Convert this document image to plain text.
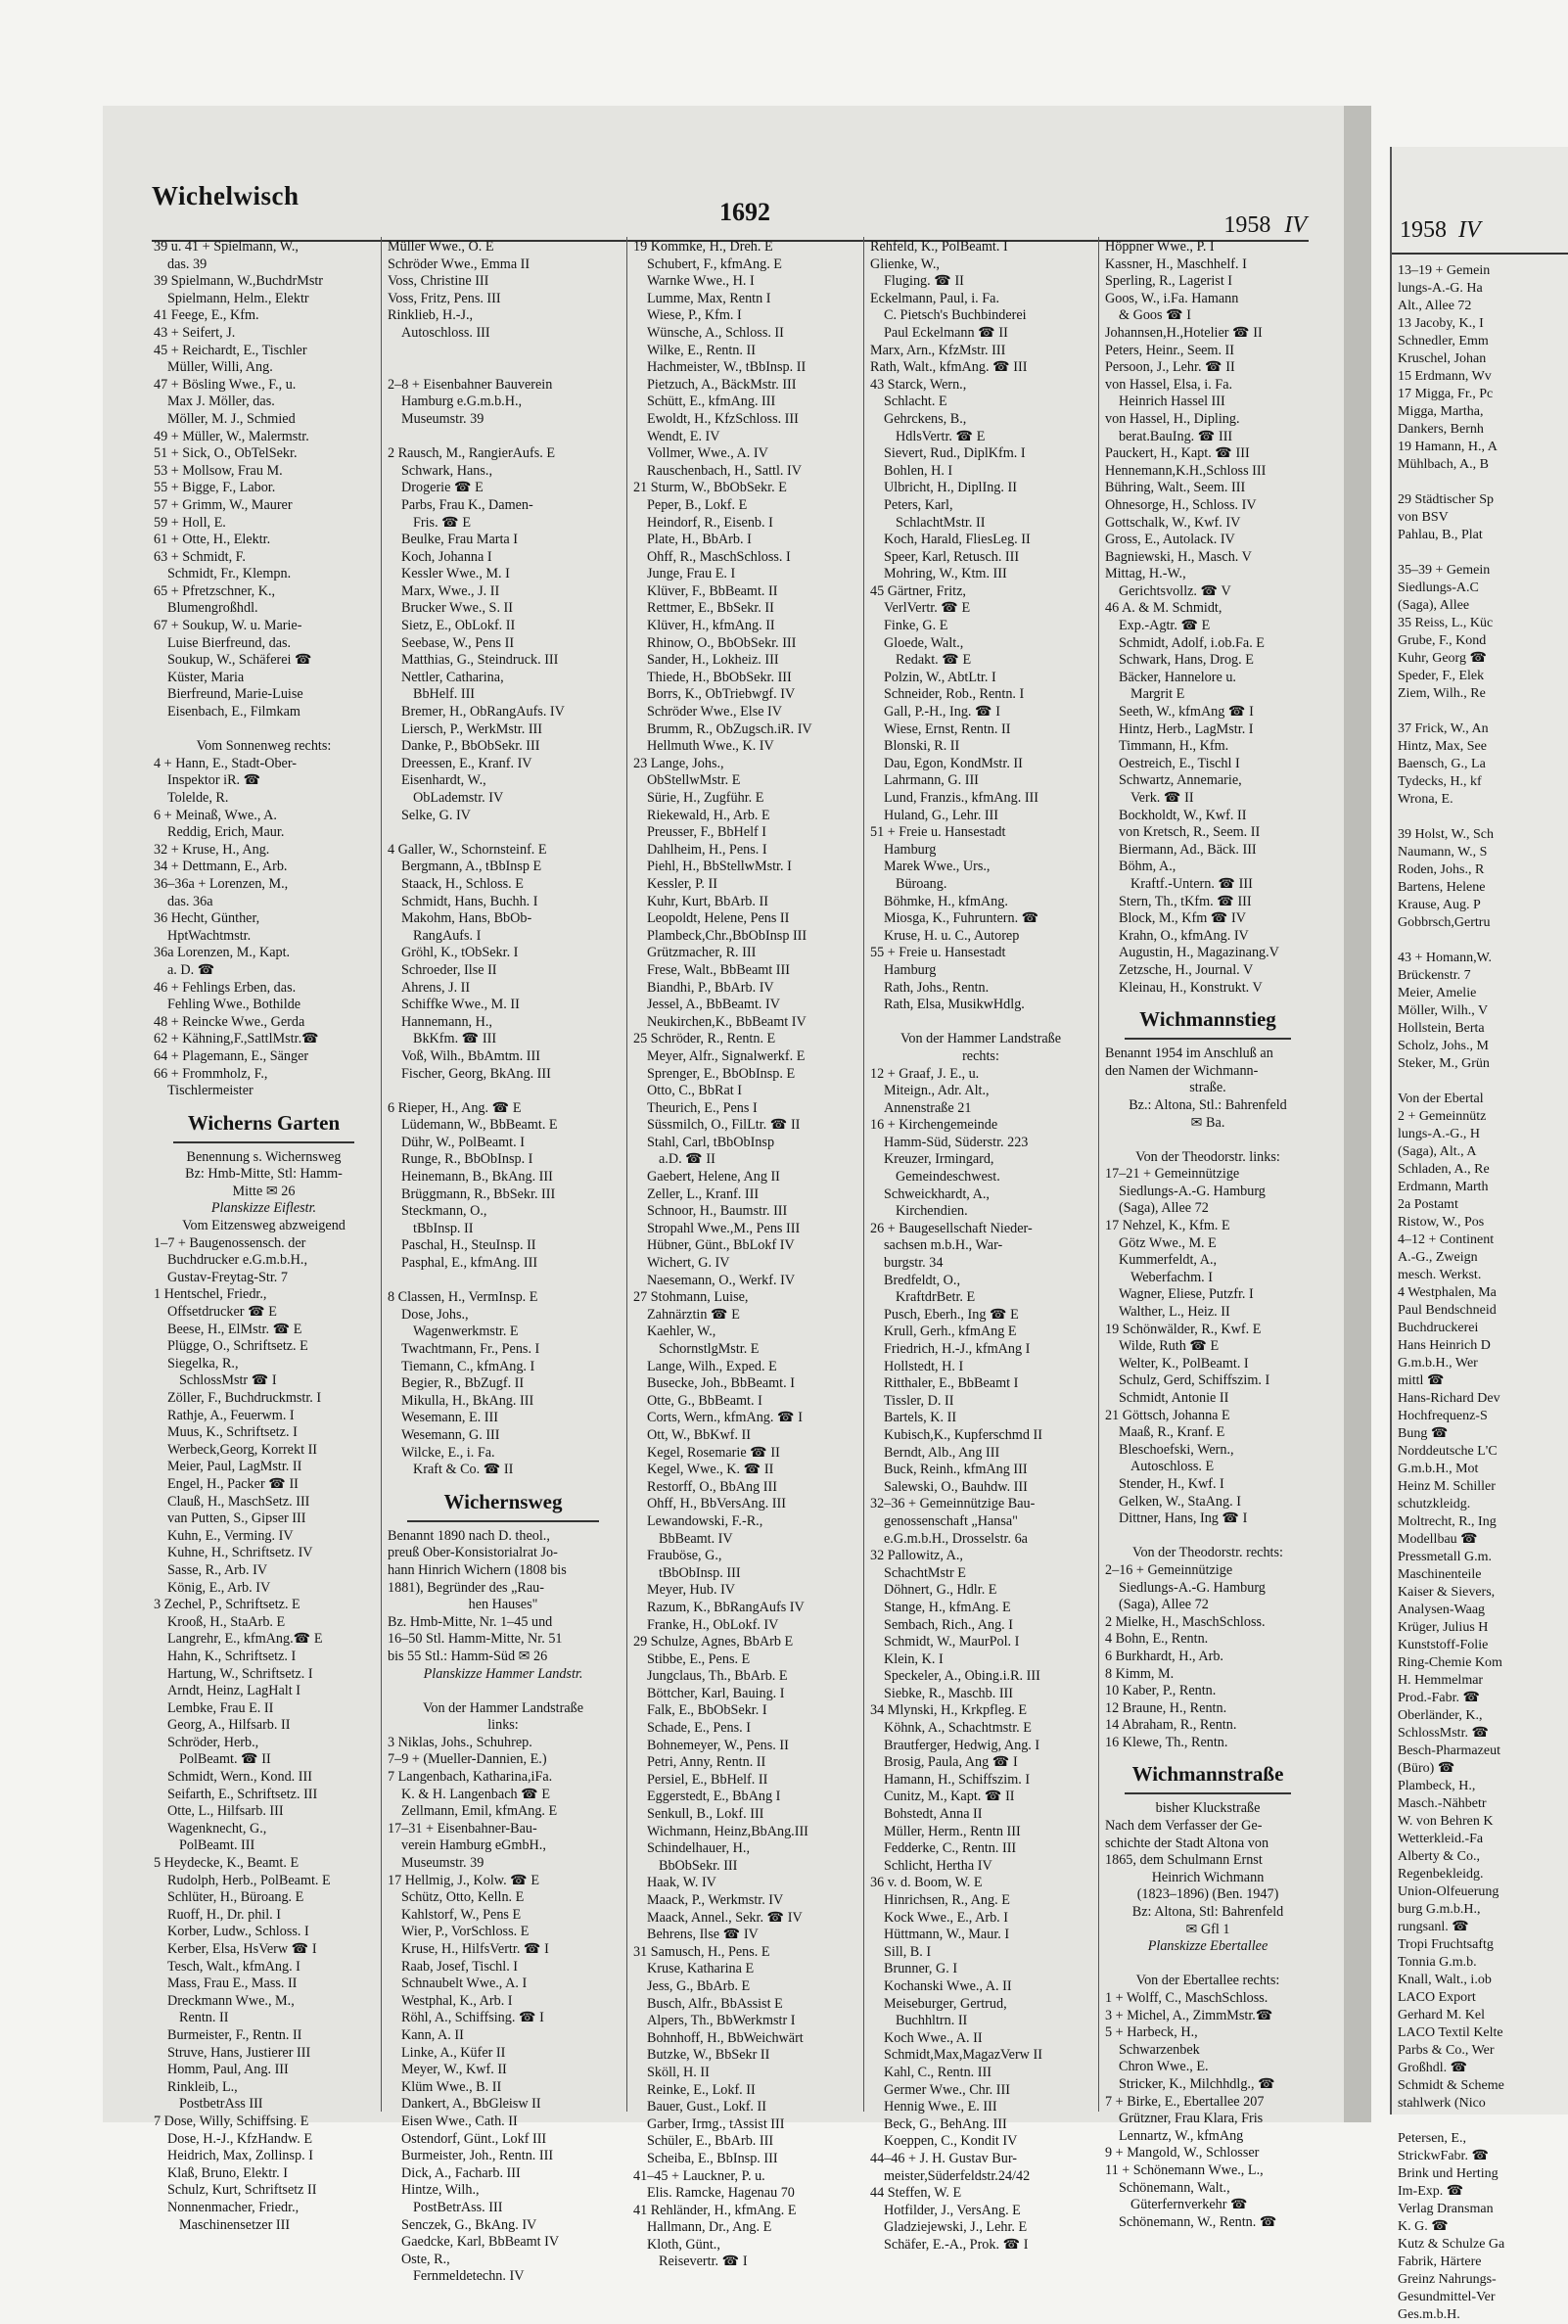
1958 IV
13–19 + Gemein
lungs-A.-G. Ha
Alt., Allee 72
13 Jacoby, K., I
Schnedler, Emm
Kruschel, Johan
15 Erdmann, Wv
17 Migga, Fr., Pc
Migga, Martha,
Dankers, Bernh
19 Hamann, H., A
Mühlbach, A., B

29 Städtischer Sp
von BSV
Pahlau, B., Plat

35–39 + Gemein
Siedlungs-A.C
(Saga), Allee
35 Reiss, L., Küc
Grube, F., Kond
Kuhr, Georg ☎
Speder, F., Elek
Ziem, Wilh., Re

37 Frick, W., An
Hintz, Max, See
Baensch, G., La
Tydecks, H., kf
Wrona, E.

39 Holst, W., Sch
Naumann, W., S
Roden, Johs., R
Bartens, Helene
Krause, Aug. P
Gobbrsch,Gertru

43 + Homann,W.
Brückenstr. 7
Meier, Amelie
Möller, Wilh., V
Hollstein, Berta
Scholz, Johs., M
Steker, M., Grün

Von der Ebertal
2 + Gemeinnütz
lungs-A.-G., H
(Saga), Alt., A
Schladen, A., Re
Erdmann, Marth
2a Postamt
Ristow, W., Pos
4–12 + Continent
A.-G., Zweign
mesch. Werkst.
4 Westphalen, Ma
Paul Bendschneid
Buchdruckerei
Hans Heinrich D
G.m.b.H., Wer
mittl ☎
Hans-Richard Dev
Hochfrequenz-S
Bung ☎
Norddeutsche L'C
G.m.b.H., Mot
Heinz M. Schiller
schutzkleidg.
Moltrecht, R., Ing
Modellbau ☎
Pressmetall G.m.
Maschinenteile
Kaiser & Sievers,
Analysen-Waag
Krüger, Julius H
Kunststoff-Folie
Ring-Chemie Kom
H. Hemmelmar
Prod.-Fabr. ☎
Oberländer, K.,
SchlossMstr. ☎
Besch-Pharmazeut
(Büro) ☎
Plambeck, H.,
Masch.-Nähbetr
W. von Behren K
Wetterkleid.-Fa
Alberty & Co.,
Regenbekleidg.
Union-Olfeuerung
burg G.m.b.H.,
rungsanl. ☎
Tropi Fruchtsaftg
Tonnia G.m.b.
Knall, Walt., i.ob
LACO Export
Gerhard M. Kel
LACO Textil Kelte
Parbs & Co., Wer
Großhdl. ☎
Schmidt & Scheme
stahlwerk (Nico

Petersen, E.,
StrickwFabr. ☎
Brink und Herting
Im-Exp. ☎
Verlag Dransman
K. G. ☎
Kutz & Schulze Ga
Fabrik, Härtere
Greinz Nahrungs-
Gesundmittel-Ver
Ges.m.b.H.
Wichelwisch
1692	1958 IV
39 u. 41 + Spielmann, W.,
das. 39
39 Spielmann, W.,BuchdrMstr
Spielmann, Helm., Elektr
41 Feege, E., Kfm.
43 + Seifert, J.
45 + Reichardt, E., Tischler
Müller, Willi, Ang.
47 + Bösling Wwe., F., u.
Max J. Möller, das.
Möller, M. J., Schmied
49 + Müller, W., Malermstr.
51 + Sick, O., ObTelSekr.
53 + Mollsow, Frau M.
55 + Bigge, F., Labor.
57 + Grimm, W., Maurer
59 + Holl, E.
61 + Otte, H., Elektr.
63 + Schmidt, F.
Schmidt, Fr., Klempn.
65 + Pfretzschner, K.,
Blumengroßhdl.
67 + Soukup, W. u. Marie-
Luise Bierfreund, das.
Soukup, W., Schäferei ☎
Küster, Maria
Bierfreund, Marie-Luise
Eisenbach, E., Filmkam

Vom Sonnenweg rechts:
4 + Hann, E., Stadt-Ober-
Inspektor iR. ☎
Tolelde, R.
6 + Meinaß, Wwe., A.
Reddig, Erich, Maur.
32 + Kruse, H., Ang.
34 + Dettmann, E., Arb.
36–36a + Lorenzen, M.,
das. 36a
36 Hecht, Günther,
HptWachtmstr.
36a Lorenzen, M., Kapt.
a. D. ☎
46 + Fehlings Erben, das.
Fehling Wwe., Bothilde
48 + Reincke Wwe., Gerda
62 + Kähning,F.,SattlMstr.☎
64 + Plagemann, E., Sänger
66 + Frommholz, F.,
Tischlermeister
Wicherns Garten
Benennung s. Wichernsweg
Bz: Hmb-Mitte, Stl: Hamm-
Mitte ✉ 26
Planskizze Eiflestr.
Vom Eitzensweg abzweigend
1–7 + Baugenossensch. der
Buchdrucker e.G.m.b.H.,
Gustav-Freytag-Str. 7
1 Hentschel, Friedr.,
Offsetdrucker ☎ E
Beese, H., ElMstr. ☎ E
Plügge, O., Schriftsetz. E
Siegelka, R.,
SchlossMstr ☎ I
Zöller, F., Buchdruckmstr. I
Rathje, A., Feuerwm. I
Muus, K., Schriftsetz. I
Werbeck,Georg, Korrekt II
Meier, Paul, LagMstr. II
Engel, H., Packer ☎ II
Clauß, H., MaschSetz. III
van Putten, S., Gipser III
Kuhn, E., Verming. IV
Kuhne, H., Schriftsetz. IV
Sasse, R., Arb. IV
König, E., Arb. IV
3 Zechel, P., Schriftsetz. E
Krooß, H., StaArb. E
Langrehr, E., kfmAng.☎ E
Hahn, K., Schriftsetz. I
Hartung, W., Schriftsetz. I
Arndt, Heinz, LagHalt I
Lembke, Frau E. II
Georg, A., Hilfsarb. II
Schröder, Herb.,
PolBeamt. ☎ II
Schmidt, Wern., Kond. III
Seifarth, E., Schriftsetz. III
Otte, L., Hilfsarb. III
Wagenknecht, G.,
PolBeamt. III
5 Heydecke, K., Beamt. E
Rudolph, Herb., PolBeamt. E
Schlüter, H., Büroang. E
Ruoff, H., Dr. phil. I
Korber, Ludw., Schloss. I
Kerber, Elsa, HsVerw ☎ I
Tesch, Walt., kfmAng. I
Mass, Frau E., Mass. II
Dreckmann Wwe., M.,
Rentn. II
Burmeister, F., Rentn. II
Struve, Hans, Justierer III
Homm, Paul, Ang. III
Rinkleib, L.,
PostbetrAss III
7 Dose, Willy, Schiffsing. E
Dose, H.-J., KfzHandw. E
Heidrich, Max, Zollinsp. I
Klaß, Bruno, Elektr. I
Schulz, Kurt, Schriftsetz II
Nonnenmacher, Friedr.,
Maschinensetzer III
Müller Wwe., O. E
Schröder Wwe., Emma II
Voss, Christine III
Voss, Fritz, Pens. III
Rinklieb, H.-J.,
Autoschloss. III

2–8 + Eisenbahner Bauverein
Hamburg e.G.m.b.H.,
Museumstr. 39

2 Rausch, M., RangierAufs. E
Schwark, Hans.,
Drogerie ☎ E
Parbs, Frau K., Damen-
Fris. ☎ E
Beulke, Frau Marta I
Koch, Johanna I
Kessler Wwe., M. I
Marx, Wwe., J. II
Brucker Wwe., S. II
Sietz, E., ObLokf. II
Seebase, W., Pens II
Matthias, G., Steindruck. III
Nettler, Catharina,
BbHelf. III
Bremer, H., ObRangAufs. IV
Liersch, P., WerkMstr. III
Danke, P., BbObSekr. III
Dreessen, E., Kranf. IV
Eisenhardt, W.,
ObLademstr. IV
Selke, G. IV

4 Galler, W., Schornsteinf. E
Bergmann, A., tBbInsp E
Staack, H., Schloss. E
Schmidt, Hans, Buchh. I
Makohm, Hans, BbOb-
RangAufs. I
Gröhl, K., tObSekr. I
Schroeder, Ilse II
Ahrens, J. II
Schiffke Wwe., M. II
Hannemann, H.,
BkKfm. ☎ III
Voß, Wilh., BbAmtm. III
Fischer, Georg, BkAng. III

6 Rieper, H., Ang. ☎ E
Lüdemann, W., BbBeamt. E
Dühr, W., PolBeamt. I
Runge, R., BbObInsp. I
Heinemann, B., BkAng. III
Brüggmann, R., BbSekr. III
Steckmann, O.,
tBbInsp. II
Paschal, H., SteuInsp. II
Pasphal, E., kfmAng. III

8 Classen, H., VermInsp. E
Dose, Johs.,
Wagenwerkmstr. E
Twachtmann, Fr., Pens. I
Tiemann, C., kfmAng. I
Begier, R., BbZugf. II
Mikulla, H., BkAng. III
Wesemann, E. III
Wesemann, G. III
Wilcke, E., i. Fa.
Kraft & Co. ☎ II
Wichernsweg
Benannt 1890 nach D. theol.,
preuß Ober-Konsistorialrat Jo-
hann Hinrich Wichern (1808 bis
1881), Begründer des „Rau-
hen Hauses"
Bz. Hmb-Mitte, Nr. 1–45 und
16–50 Stl. Hamm-Mitte, Nr. 51
bis 55 Stl.: Hamm-Süd ✉ 26
Planskizze Hammer Landstr.

Von der Hammer Landstraße
links:
3 Niklas, Johs., Schuhrep.
7–9 + (Mueller-Dannien, E.)
7 Langenbach, Katharina,iFa.
K. & H. Langenbach ☎ E
Zellmann, Emil, kfmAng. E
17–31 + Eisenbahner-Bau-
verein Hamburg eGmbH.,
Museumstr. 39
17 Hellmig, J., Kolw. ☎ E
Schütz, Otto, Kelln. E
Kahlstorf, W., Pens E
Wier, P., VorSchloss. E
Kruse, H., HilfsVertr. ☎ I
Raab, Josef, Tischl. I
Schnaubelt Wwe., A. I
Westphal, K., Arb. I
Röhl, A., Schiffsing. ☎ I
Kann, A. II
Linke, A., Küfer II
Meyer, W., Kwf. II
Klüm Wwe., B. II
Dankert, A., BbGleisw II
Eisen Wwe., Cath. II
Ostendorf, Günt., Lokf III
Burmeister, Joh., Rentn. III
Dick, A., Facharb. III
Hintze, Wilh.,
PostBetrAss. III
Senczek, G., BkAng. IV
Gaedcke, Karl, BbBeamt IV
Oste, R.,
Fernmeldetechn. IV
19 Kommke, H., Dreh. E
Schubert, F., kfmAng. E
Warnke Wwe., H. I
Lumme, Max, Rentn I
Wiese, P., Kfm. I
Wünsche, A., Schloss. II
Wilke, E., Rentn. II
Hachmeister, W., tBbInsp. II
Pietzuch, A., BäckMstr. III
Schütt, E., kfmAng. III
Ewoldt, H., KfzSchloss. III
Wendt, E. IV
Vollmer, Wwe., A. IV
Rauschenbach, H., Sattl. IV
21 Sturm, W., BbObSekr. E
Peper, B., Lokf. E
Heindorf, R., Eisenb. I
Plate, H., BbArb. I
Ohff, R., MaschSchloss. I
Junge, Frau E. I
Klüver, F., BbBeamt. II
Rettmer, E., BbSekr. II
Klüver, H., kfmAng. II
Rhinow, O., BbObSekr. III
Sander, H., Lokheiz. III
Thiede, H., BbObSekr. III
Borrs, K., ObTriebwgf. IV
Schröder Wwe., Else IV
Brumm, R., ObZugsch.iR. IV
Hellmuth Wwe., K. IV
23 Lange, Johs.,
ObStellwMstr. E
Sürie, H., Zugführ. E
Riekewald, H., Arb. E
Preusser, F., BbHelf I
Dahlheim, H., Pens. I
Piehl, H., BbStellwMstr. I
Kessler, P. II
Kuhr, Kurt, BbArb. II
Leopoldt, Helene, Pens II
Plambeck,Chr.,BbObInsp III
Grützmacher, R. III
Frese, Walt., BbBeamt III
Biandhi, P., BbArb. IV
Jessel, A., BbBeamt. IV
Neukirchen,K., BbBeamt IV
25 Schröder, R., Rentn. E
Meyer, Alfr., Signalwerkf. E
Sprenger, E., BbObInsp. E
Otto, C., BbRat I
Theurich, E., Pens I
Süssmilch, O., FilLtr. ☎ II
Stahl, Carl, tBbObInsp
a.D. ☎ II
Gaebert, Helene, Ang II
Zeller, L., Kranf. III
Schnoor, H., Baumstr. III
Stropahl Wwe.,M., Pens III
Hübner, Günt., BbLokf IV
Wichert, G. IV
Naesemann, O., Werkf. IV
27 Stohmann, Luise,
Zahnärztin ☎ E
Kaehler, W.,
SchornstlgMstr. E
Lange, Wilh., Exped. E
Busecke, Joh., BbBeamt. I
Otte, G., BbBeamt. I
Corts, Wern., kfmAng. ☎ I
Ott, W., BbKwf. II
Kegel, Rosemarie ☎ II
Kegel, Wwe., K. ☎ II
Restorff, O., BbAng III
Ohff, H., BbVersAng. III
Lewandowski, F.-R.,
BbBeamt. IV
Frauböse, G.,
tBbObInsp. III
Meyer, Hub. IV
Razum, K., BbRangAufs IV
Franke, H., ObLokf. IV
29 Schulze, Agnes, BbArb E
Stibbe, E., Pens. E
Jungclaus, Th., BbArb. E
Böttcher, Karl, Bauing. I
Falk, E., BbObSekr. I
Schade, E., Pens. I
Bohnemeyer, W., Pens. II
Petri, Anny, Rentn. II
Persiel, E., BbHelf. II
Eggerstedt, E., BbAng I
Senkull, B., Lokf. III
Wichmann, Heinz,BbAng.III
Schindelhauer, H.,
BbObSekr. III
Haak, W. IV
Maack, P., Werkmstr. IV
Maack, Annel., Sekr. ☎ IV
Behrens, Ilse ☎ IV
31 Samusch, H., Pens. E
Kruse, Katharina E
Jess, G., BbArb. E
Busch, Alfr., BbAssist E
Alpers, Th., BbWerkmstr I
Bohnhoff, H., BbWeichwärt
Butzke, W., BbSekr II
Sköll, H. II
Reinke, E., Lokf. II
Bauer, Gust., Lokf. II
Garber, Irmg., tAssist III
Schüler, E., BbArb. III
Scheiba, E., BbInsp. III
41–45 + Lauckner, P. u.
Elis. Ramcke, Hagenau 70
41 Rehländer, H., kfmAng. E
Hallmann, Dr., Ang. E
Kloth, Günt.,
Reisevertr. ☎ I
Rehfeld, K., PolBeamt. I
Glienke, W.,
Fluging. ☎ II
Eckelmann, Paul, i. Fa.
C. Pietsch's Buchbinderei
Paul Eckelmann ☎ II
Marx, Arn., KfzMstr. III
Rath, Walt., kfmAng. ☎ III
43 Starck, Wern.,
Schlacht. E
Gehrckens, B.,
HdlsVertr. ☎ E
Sievert, Rud., DiplKfm. I
Bohlen, H. I
Ulbricht, H., DiplIng. II
Peters, Karl,
SchlachtMstr. II
Koch, Harald, FliesLeg. II
Speer, Karl, Retusch. III
Mohring, W., Ktm. III
45 Gärtner, Fritz,
VerlVertr. ☎ E
Finke, G. E
Gloede, Walt.,
Redakt. ☎ E
Polzin, W., AbtLtr. I
Schneider, Rob., Rentn. I
Gall, P.-H., Ing. ☎ I
Wiese, Ernst, Rentn. II
Blonski, R. II
Dau, Egon, KondMstr. II
Lahrmann, G. III
Lund, Franzis., kfmAng. III
Huland, G., Lehr. III
51 + Freie u. Hansestadt
Hamburg
Marek Wwe., Urs.,
Büroang.
Böhmke, H., kfmAng.
Miosga, K., Fuhruntern. ☎
Kruse, H. u. C., Autorep
55 + Freie u. Hansestadt
Hamburg
Rath, Johs., Rentn.
Rath, Elsa, MusikwHdlg.

Von der Hammer Landstraße
rechts:
12 + Graaf, J. E., u.
Miteign., Adr. Alt.,
Annenstraße 21
16 + Kirchengemeinde
Hamm-Süd, Süderstr. 223
Kreuzer, Irmingard,
Gemeindeschwest.
Schweickhardt, A.,
Kirchendien.
26 + Baugesellschaft Nieder-
sachsen m.b.H., War-
burgstr. 34
Bredfeldt, O.,
KraftdrBetr. E
Pusch, Eberh., Ing ☎ E
Krull, Gerh., kfmAng E
Friedrich, H.-J., kfmAng I
Hollstedt, H. I
Ritthaler, E., BbBeamt I
Tissler, D. II
Bartels, K. II
Kubisch,K., Kupferschmd II
Berndt, Alb., Ang III
Buck, Reinh., kfmAng III
Salewski, O., Bauhdw. III
32–36 + Gemeinnützige Bau-
genossenschaft „Hansa"
e.G.m.b.H., Drosselstr. 6a
32 Pallowitz, A.,
SchachtMstr E
Döhnert, G., Hdlr. E
Stange, H., kfmAng. E
Sembach, Rich., Ang. I
Schmidt, W., MaurPol. I
Klein, K. I
Speckeler, A., Obing.i.R. III
Siebke, R., Maschb. III
34 Mlynski, H., Krkpfleg. E
Köhnk, A., Schachtmstr. E
Brautferger, Hedwig, Ang. I
Brosig, Paula, Ang ☎ I
Hamann, H., Schiffszim. I
Cunitz, M., Kapt. ☎ II
Bohstedt, Anna II
Müller, Herm., Rentn III
Fedderke, C., Rentn. III
Schlicht, Hertha IV
36 v. d. Boom, W. E
Hinrichsen, R., Ang. E
Kock Wwe., E., Arb. I
Hüttmann, W., Maur. I
Sill, B. I
Brunner, G. I
Kochanski Wwe., A. II
Meiseburger, Gertrud,
Buchhltrn. II
Koch Wwe., A. II
Schmidt,Max,MagazVerw II
Kahl, C., Rentn. III
Germer Wwe., Chr. III
Hennig Wwe., E. III
Beck, G., BehAng. III
Koeppen, C., Kondit IV
44–46 + J. H. Gustav Bur-
meister,Süderfeldstr.24/42
44 Steffen, W. E
Hotfilder, J., VersAng. E
Gladziejewski, J., Lehr. E
Schäfer, E.-A., Prok. ☎ I
Höppner Wwe., P. I
Kassner, H., Maschhelf. I
Sperling, R., Lagerist I
Goos, W., i.Fa. Hamann
& Goos ☎ I
Johannsen,H.,Hotelier ☎ II
Peters, Heinr., Seem. II
Persoon, J., Lehr. ☎ II
von Hassel, Elsa, i. Fa.
Heinrich Hassel III
von Hassel, H., Dipling.
berat.BauIng. ☎ III
Pauckert, H., Kapt. ☎ III
Hennemann,K.H.,Schloss III
Bühring, Walt., Seem. III
Ohnesorge, H., Schloss. IV
Gottschalk, W., Kwf. IV
Gross, E., Autolack. IV
Bagniewski, H., Masch. V
Mittag, H.-W.,
Gerichtsvollz. ☎ V
46 A. & M. Schmidt,
Exp.-Agtr. ☎ E
Schmidt, Adolf, i.ob.Fa. E
Schwark, Hans, Drog. E
Bäcker, Hannelore u.
Margrit E
Seeth, W., kfmAng ☎ I
Hintz, Herb., LagMstr. I
Timmann, H., Kfm.
Oestreich, E., Tischl I
Schwartz, Annemarie,
Verk. ☎ II
Bockholdt, W., Kwf. II
von Kretsch, R., Seem. II
Biermann, Ad., Bäck. III
Böhm, A.,
Kraftf.-Untern. ☎ III
Stern, Th., tKfm. ☎ III
Block, M., Kfm ☎ IV
Krahn, O., kfmAng. IV
Augustin, H., Magazinang.V
Zetzsche, H., Journal. V
Kleinau, H., Konstrukt. V
Wichmannstieg
Benannt 1954 im Anschluß an
den Namen der Wichmann-
straße.
Bz.: Altona, Stl.: Bahrenfeld
✉ Ba.

Von der Theodorstr. links:
17–21 + Gemeinnützige
Siedlungs-A.-G. Hamburg
(Saga), Allee 72
17 Nehzel, K., Kfm. E
Götz Wwe., M. E
Kummerfeldt, A.,
Weberfachm. I
Wagner, Eliese, Putzfr. I
Walther, L., Heiz. II
19 Schönwälder, R., Kwf. E
Wilde, Ruth ☎ E
Welter, K., PolBeamt. I
Schulz, Gerd, Schiffszim. I
Schmidt, Antonie II
21 Göttsch, Johanna E
Maaß, R., Kranf. E
Bleschoefski, Wern.,
Autoschloss. E
Stender, H., Kwf. I
Gelken, W., StaAng. I
Dittner, Hans, Ing ☎ I

Von der Theodorstr. rechts:
2–16 + Gemeinnützige
Siedlungs-A.-G. Hamburg
(Saga), Allee 72
2 Mielke, H., MaschSchloss.
4 Bohn, E., Rentn.
6 Burkhardt, H., Arb.
8 Kimm, M.
10 Kaber, P., Rentn.
12 Braune, H., Rentn.
14 Abraham, R., Rentn.
16 Klewe, Th., Rentn.
Wichmannstraße
bisher Kluckstraße
Nach dem Verfasser der Ge-
schichte der Stadt Altona von
1865, dem Schulmann Ernst
Heinrich Wichmann
(1823–1896) (Ben. 1947)
Bz: Altona, Stl: Bahrenfeld
✉ Gfl 1
Planskizze Ebertallee

Von der Ebertallee rechts:
1 + Wolff, C., MaschSchloss.
3 + Michel, A., ZimmMstr.☎
5 + Harbeck, H.,
Schwarzenbek
Chron Wwe., E.
Stricker, K., Milchhdlg., ☎
7 + Birke, E., Ebertallee 207
Grützner, Frau Klara, Fris
Lennartz, W., kfmAng
9 + Mangold, W., Schlosser
11 + Schönemann Wwe., L.,
Schönemann, Walt.,
Güterfernverkehr ☎
Schönemann, W., Rentn. ☎
